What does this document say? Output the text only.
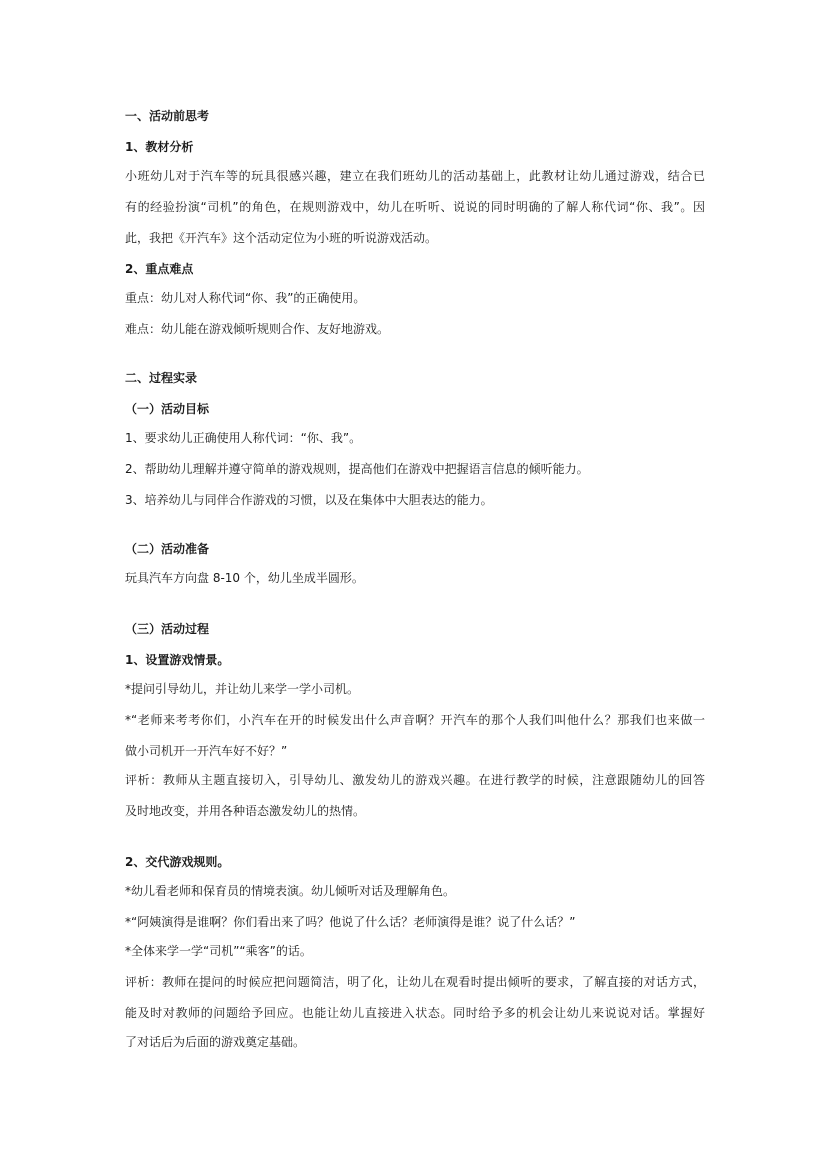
一、活动前思考
1、教材分析
小班幼儿对于汽车等的玩具很感兴趣，建立在我们班幼儿的活动基础上，此教材让幼儿通过游戏，结合已
有的经验扮演“司机”的角色，在规则游戏中，幼儿在听听、说说的同时明确的了解人称代词“你、我”。因
此，我把《开汽车》这个活动定位为小班的听说游戏活动。
2、重点难点
重点：幼儿对人称代词“你、我”的正确使用。
难点：幼儿能在游戏倾听规则合作、友好地游戏。
二、过程实录
（一）活动目标
1、要求幼儿正确使用人称代词：“你、我”。
2、帮助幼儿理解并遵守简单的游戏规则，提高他们在游戏中把握语言信息的倾听能力。
3、培养幼儿与同伴合作游戏的习惯，以及在集体中大胆表达的能力。
（二）活动准备
玩具汽车方向盘 8-10 个，幼儿坐成半圆形。
（三）活动过程
1、设置游戏情景。
*提问引导幼儿，并让幼儿来学一学小司机。
*“老师来考考你们，小汽车在开的时候发出什么声音啊？开汽车的那个人我们叫他什么？那我们也来做一
做小司机开一开汽车好不好？”
评析：教师从主题直接切入，引导幼儿、激发幼儿的游戏兴趣。在进行教学的时候，注意跟随幼儿的回答
及时地改变，并用各种语态激发幼儿的热情。
2、交代游戏规则。
*幼儿看老师和保育员的情境表演。幼儿倾听对话及理解角色。
*“阿姨演得是谁啊？你们看出来了吗？他说了什么话？老师演得是谁？说了什么话？”
*全体来学一学“司机”“乘客”的话。
评析：教师在提问的时候应把问题简洁，明了化，让幼儿在观看时提出倾听的要求，了解直接的对话方式，
能及时对教师的问题给予回应。也能让幼儿直接进入状态。同时给予多的机会让幼儿来说说对话。掌握好
了对话后为后面的游戏奠定基础。
